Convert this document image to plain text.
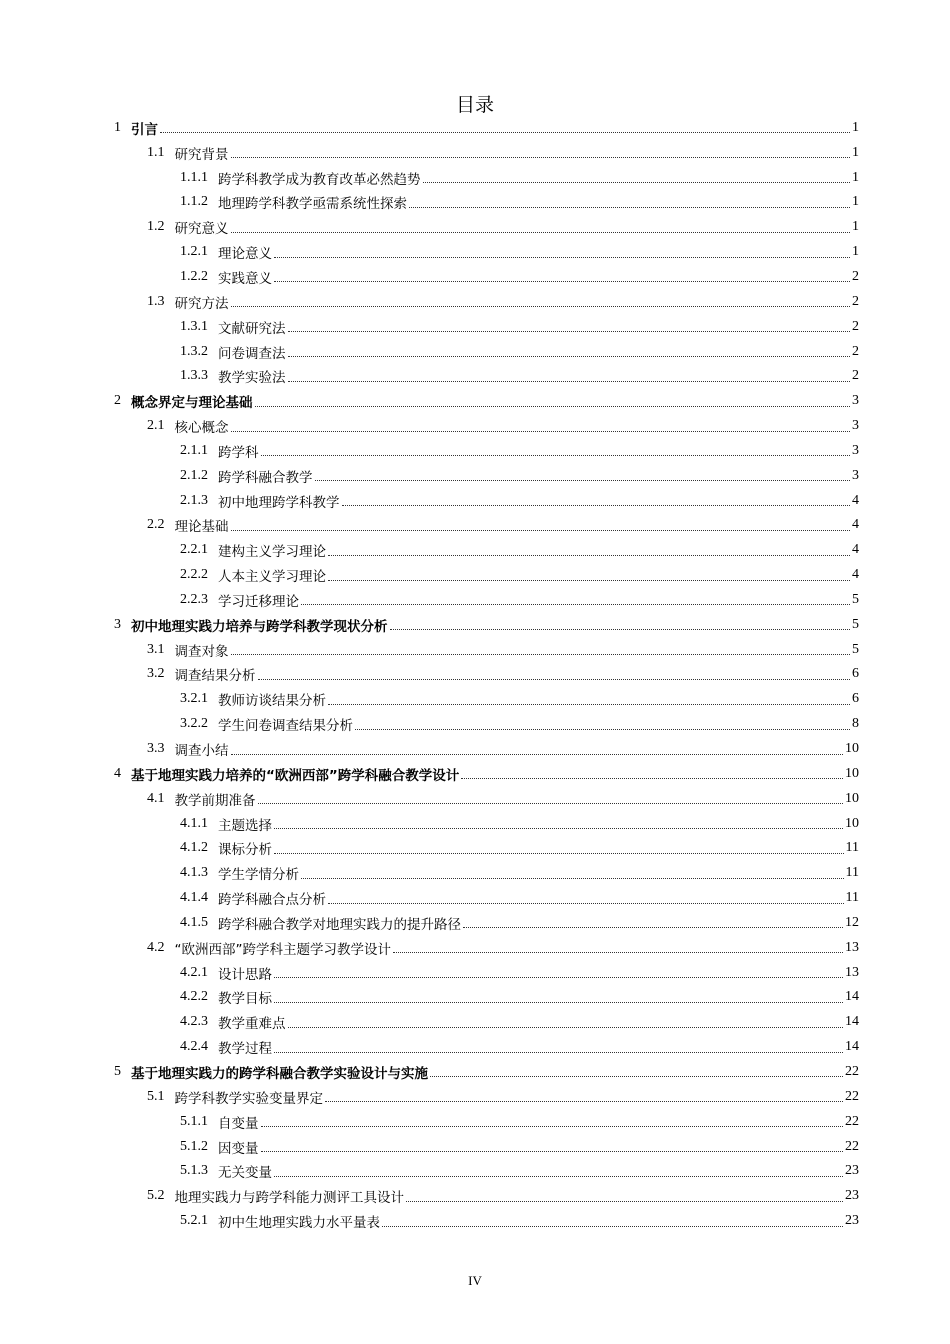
目录
1 引言	1
1.1 研究背景	1
1.1.1 跨学科教学成为教育改革必然趋势	1
1.1.2 地理跨学科教学亟需系统性探索	1
1.2 研究意义	1
1.2.1 理论意义	1
1.2.2 实践意义	2
1.3 研究方法	2
1.3.1 文献研究法	2
1.3.2 问卷调查法	2
1.3.3 教学实验法	2
2 概念界定与理论基础	3
2.1 核心概念	3
2.1.1 跨学科	3
2.1.2 跨学科融合教学	3
2.1.3 初中地理跨学科教学	4
2.2 理论基础	4
2.2.1 建构主义学习理论	4
2.2.2 人本主义学习理论	4
2.2.3 学习迁移理论	5
3 初中地理实践力培养与跨学科教学现状分析	5
3.1 调查对象	5
3.2 调查结果分析	6
3.2.1 教师访谈结果分析	6
3.2.2 学生问卷调查结果分析	8
3.3 调查小结	10
4 基于地理实践力培养的“欧洲西部”跨学科融合教学设计	10
4.1 教学前期准备	10
4.1.1 主题选择	10
4.1.2 课标分析	11
4.1.3 学生学情分析	11
4.1.4 跨学科融合点分析	11
4.1.5 跨学科融合教学对地理实践力的提升路径	12
4.2 “欧洲西部”跨学科主题学习教学设计	13
4.2.1 设计思路	13
4.2.2 教学目标	14
4.2.3 教学重难点	14
4.2.4 教学过程	14
5 基于地理实践力的跨学科融合教学实验设计与实施	22
5.1 跨学科教学实验变量界定	22
5.1.1 自变量	22
5.1.2 因变量	22
5.1.3 无关变量	23
5.2 地理实践力与跨学科能力测评工具设计	23
5.2.1 初中生地理实践力水平量表	23
IV
